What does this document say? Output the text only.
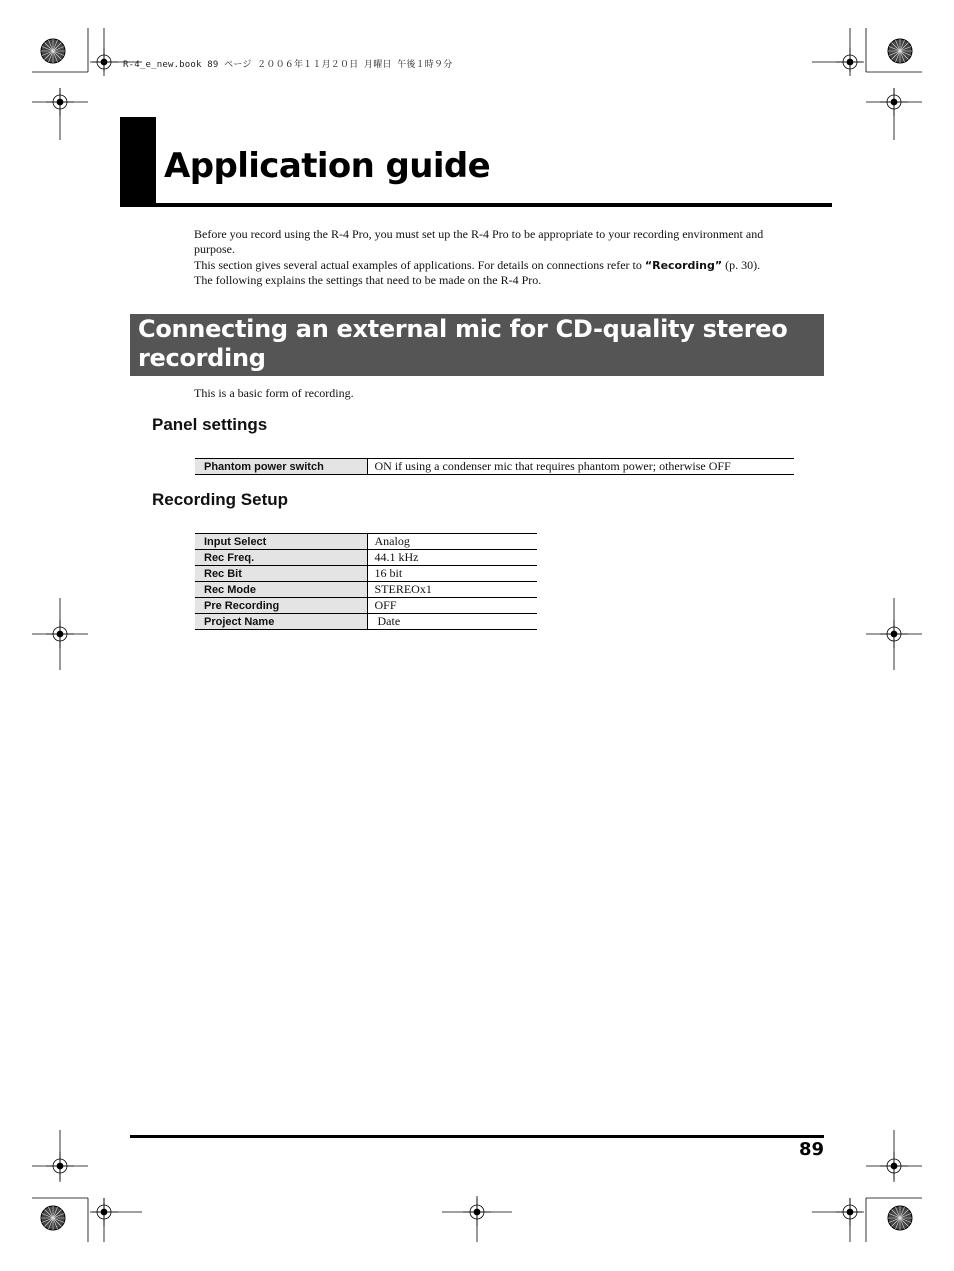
R-4_e_new.book 89 ページ ２００６年１１月２０日 月曜日 午後１時９分
Application guide

Before you record using the R-4 Pro, you must set up the R-4 Pro to be appropriate to your recording environment and purpose.

This section gives several actual examples of applications. For details on connections refer to “Recording” (p. 30). The following explains the settings that need to be made on the R-4 Pro.

Connecting an external mic for CD-quality stereo recording
This is a basic form of recording.
Panel settings
Phantom power switch	ON if using a condenser mic that requires phantom power; otherwise OFF
Recording Setup
Input Select	Analog
Rec Freq.	44.1 kHz
Rec Bit	16 bit
Rec Mode	STEREOx1
Pre Recording	OFF
Project Name	Date
89
